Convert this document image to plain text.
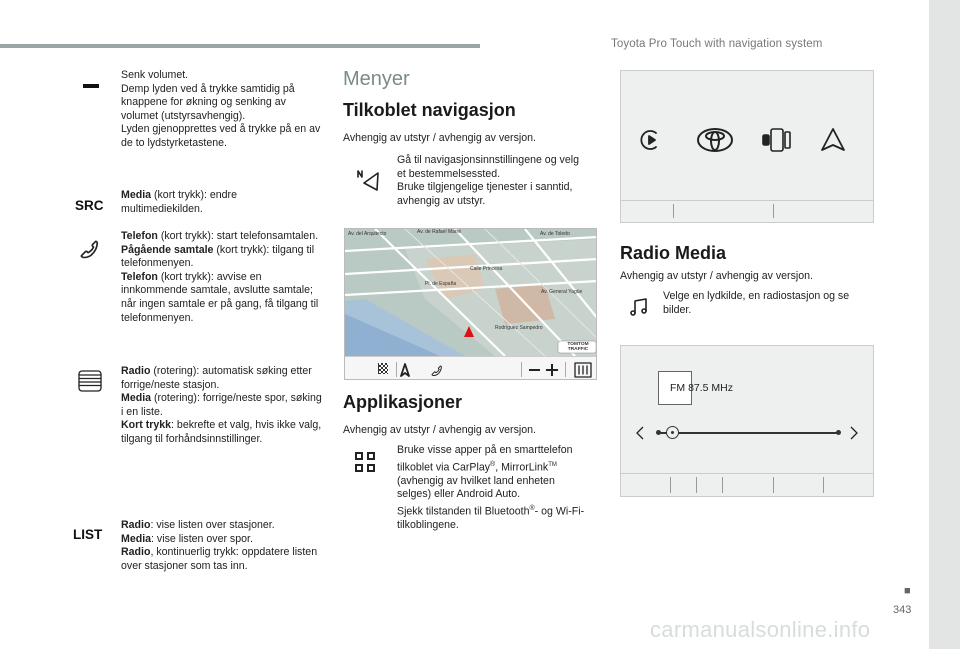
Toyota Pro Touch with navigation system
■
343
Senk volumet.
Demp lyden ved å trykke samtidig på knappene for økning og senking av volumet (utstyrsavhengig).
Lyden gjenopprettes ved å trykke på en av de to lydstyrketastene.
SRC
Media (kort trykk): endre multimediekilden.
Telefon (kort trykk): start telefonsamtalen.
Pågående samtale (kort trykk): tilgang til telefonmenyen.
Telefon (kort trykk): avvise en innkommende samtale, avslutte samtale; når ingen samtale er på gang, få tilgang til telefonmenyen.
Radio (rotering): automatisk søking etter forrige/neste stasjon.
Media (rotering): forrige/neste spor, søking i en liste.
Kort trykk: bekrefte et valg, hvis ikke valg, tilgang til forhåndsinnstillinger.
LIST
Radio: vise listen over stasjoner.
Media: vise listen over spor.
Radio, kontinuerlig trykk: oppdatere listen over stasjoner som tas inn.
Menyer
Tilkoblet navigasjon
Avhengig av utstyr / avhengig av versjon.
Gå til navigasjonsinnstillingene og velg et bestemmelsessted.
Bruke tilgjengelige tjenester i sanntid, avhengig av utstyr.
Av. del Arquitecto	Av. de Rafael Marré	Av. de Toledo
Calle Princesa
Pl. de España
Av. General Yagüe
Rodríguez Sampedro
TOMTOM TRAFFIC
Applikasjoner
Avhengig av utstyr / avhengig av versjon.
Bruke visse apper på en smarttelefon tilkoblet via CarPlay®, MirrorLink™ (avhengig av hvilket land enheten selges) eller Android Auto.
Sjekk tilstanden til Bluetooth®- og Wi-Fi- tilkoblingene.
Radio Media
Avhengig av utstyr / avhengig av versjon.
Velge en lydkilde, en radiostasjon og se bilder.
FM 87.5 MHz
carmanualsonline.info
